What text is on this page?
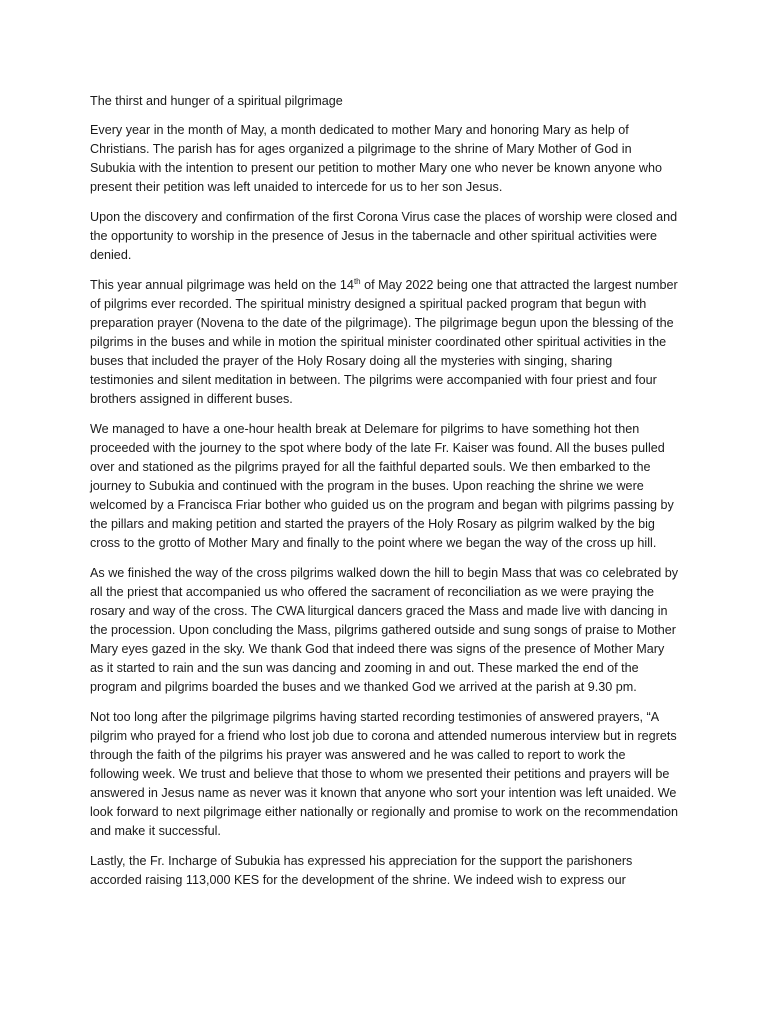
The thirst and hunger of a spiritual pilgrimage

Every year in the month of May, a month dedicated to mother Mary and honoring Mary as help of Christians. The parish has for ages organized a pilgrimage to the shrine of Mary Mother of God in Subukia with the intention to present our petition to mother Mary one who never be known anyone who present their petition was left unaided to intercede for us to her son Jesus.

Upon the discovery and confirmation of the first Corona Virus case the places of worship were closed and the opportunity to worship in the presence of Jesus in the tabernacle and other spiritual activities were denied.

This year annual pilgrimage was held on the 14th of May 2022 being one that attracted the largest number of pilgrims ever recorded. The spiritual ministry designed a spiritual packed program that begun with preparation prayer (Novena to the date of the pilgrimage). The pilgrimage begun upon the blessing of the pilgrims in the buses and while in motion the spiritual minister coordinated other spiritual activities in the buses that included the prayer of the Holy Rosary doing all the mysteries with singing, sharing testimonies and silent meditation in between. The pilgrims were accompanied with four priest and four brothers assigned in different buses.

We managed to have a one-hour health break at Delemare for pilgrims to have something hot then proceeded with the journey to the spot where body of the late Fr. Kaiser was found. All the buses pulled over and stationed as the pilgrims prayed for all the faithful departed souls. We then embarked to the journey to Subukia and continued with the program in the buses. Upon reaching the shrine we were welcomed by a Francisca Friar bother who guided us on the program and began with pilgrims passing by the pillars and making petition and started the prayers of the Holy Rosary as pilgrim walked by the big cross to the grotto of Mother Mary and finally to the point where we began the way of the cross up hill.

As we finished the way of the cross pilgrims walked down the hill to begin Mass that was co celebrated by all the priest that accompanied us who offered the sacrament of reconciliation as we were praying the rosary and way of the cross. The CWA liturgical dancers graced the Mass and made live with dancing in the procession. Upon concluding the Mass, pilgrims gathered outside and sung songs of praise to Mother Mary eyes gazed in the sky. We thank God that indeed there was signs of the presence of Mother Mary as it started to rain and the sun was dancing and zooming in and out. These marked the end of the program and pilgrims boarded the buses and we thanked God we arrived at the parish at 9.30 pm.

Not too long after the pilgrimage pilgrims having started recording testimonies of answered prayers, “A pilgrim who prayed for a friend who lost job due to corona and attended numerous interview but in regrets through the faith of the pilgrims his prayer was answered and he was called to report to work the following week. We trust and believe that those to whom we presented their petitions and prayers will be answered in Jesus name as never was it known that anyone who sort your intention was left unaided. We look forward to next pilgrimage either nationally or regionally and promise to work on the recommendation and make it successful.

Lastly, the Fr. Incharge of Subukia has expressed his appreciation for the support the parishoners accorded raising 113,000 KES for the development of the shrine. We indeed wish to express our
